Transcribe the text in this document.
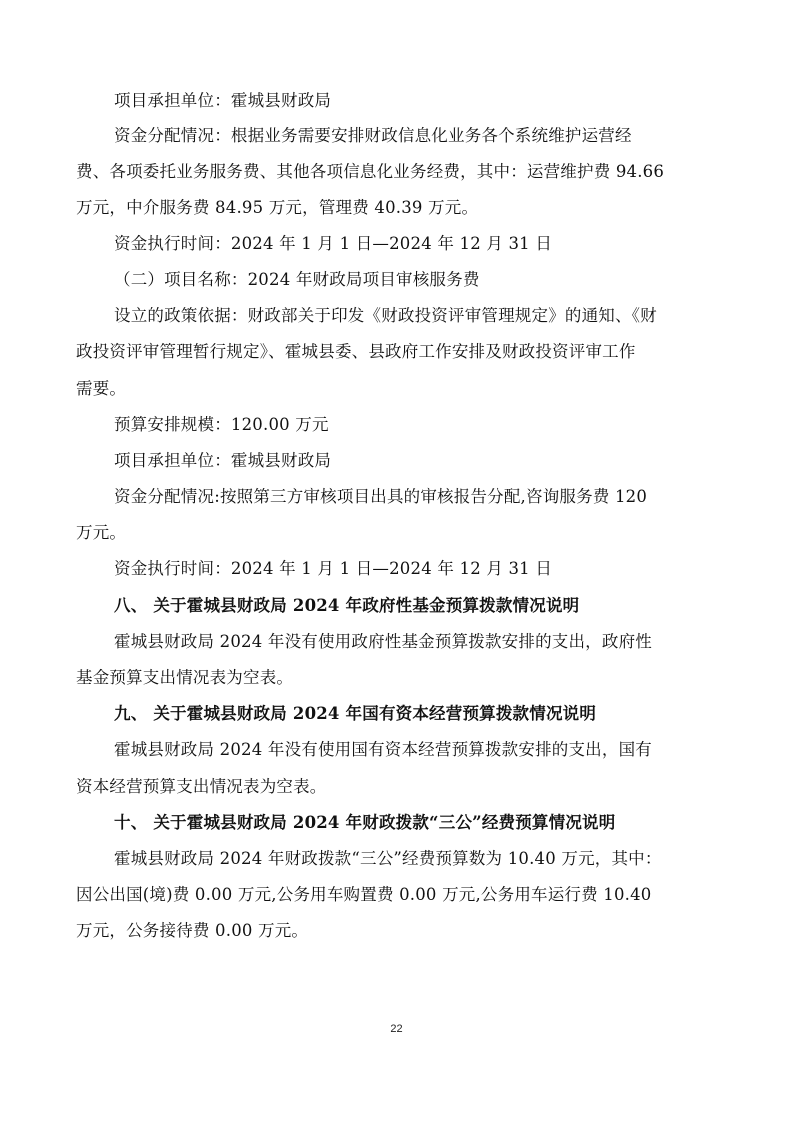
项目承担单位：霍城县财政局
资金分配情况：根据业务需要安排财政信息化业务各个系统维护运营经
费、各项委托业务服务费、其他各项信息化业务经费，其中：运营维护费 94.66
万元，中介服务费 84.95 万元，管理费 40.39 万元。
资金执行时间：2024 年 1 月 1 日—2024 年 12 月 31 日
（二）项目名称：2024 年财政局项目审核服务费
设立的政策依据：财政部关于印发《财政投资评审管理规定》的通知、《财
政投资评审管理暂行规定》、霍城县委、县政府工作安排及财政投资评审工作
需要。
预算安排规模：120.00 万元
项目承担单位：霍城县财政局
资金分配情况:按照第三方审核项目出具的审核报告分配,咨询服务费 120
万元。
资金执行时间：2024 年 1 月 1 日—2024 年 12 月 31 日
八、 关于霍城县财政局 2024 年政府性基金预算拨款情况说明
霍城县财政局 2024 年没有使用政府性基金预算拨款安排的支出，政府性
基金预算支出情况表为空表。
九、 关于霍城县财政局 2024 年国有资本经营预算拨款情况说明
霍城县财政局 2024 年没有使用国有资本经营预算拨款安排的支出，国有
资本经营预算支出情况表为空表。
十、 关于霍城县财政局 2024 年财政拨款“三公”经费预算情况说明
霍城县财政局 2024 年财政拨款“三公”经费预算数为 10.40 万元，其中：
因公出国(境)费 0.00 万元,公务用车购置费 0.00 万元,公务用车运行费 10.40
万元，公务接待费 0.00 万元。
22
